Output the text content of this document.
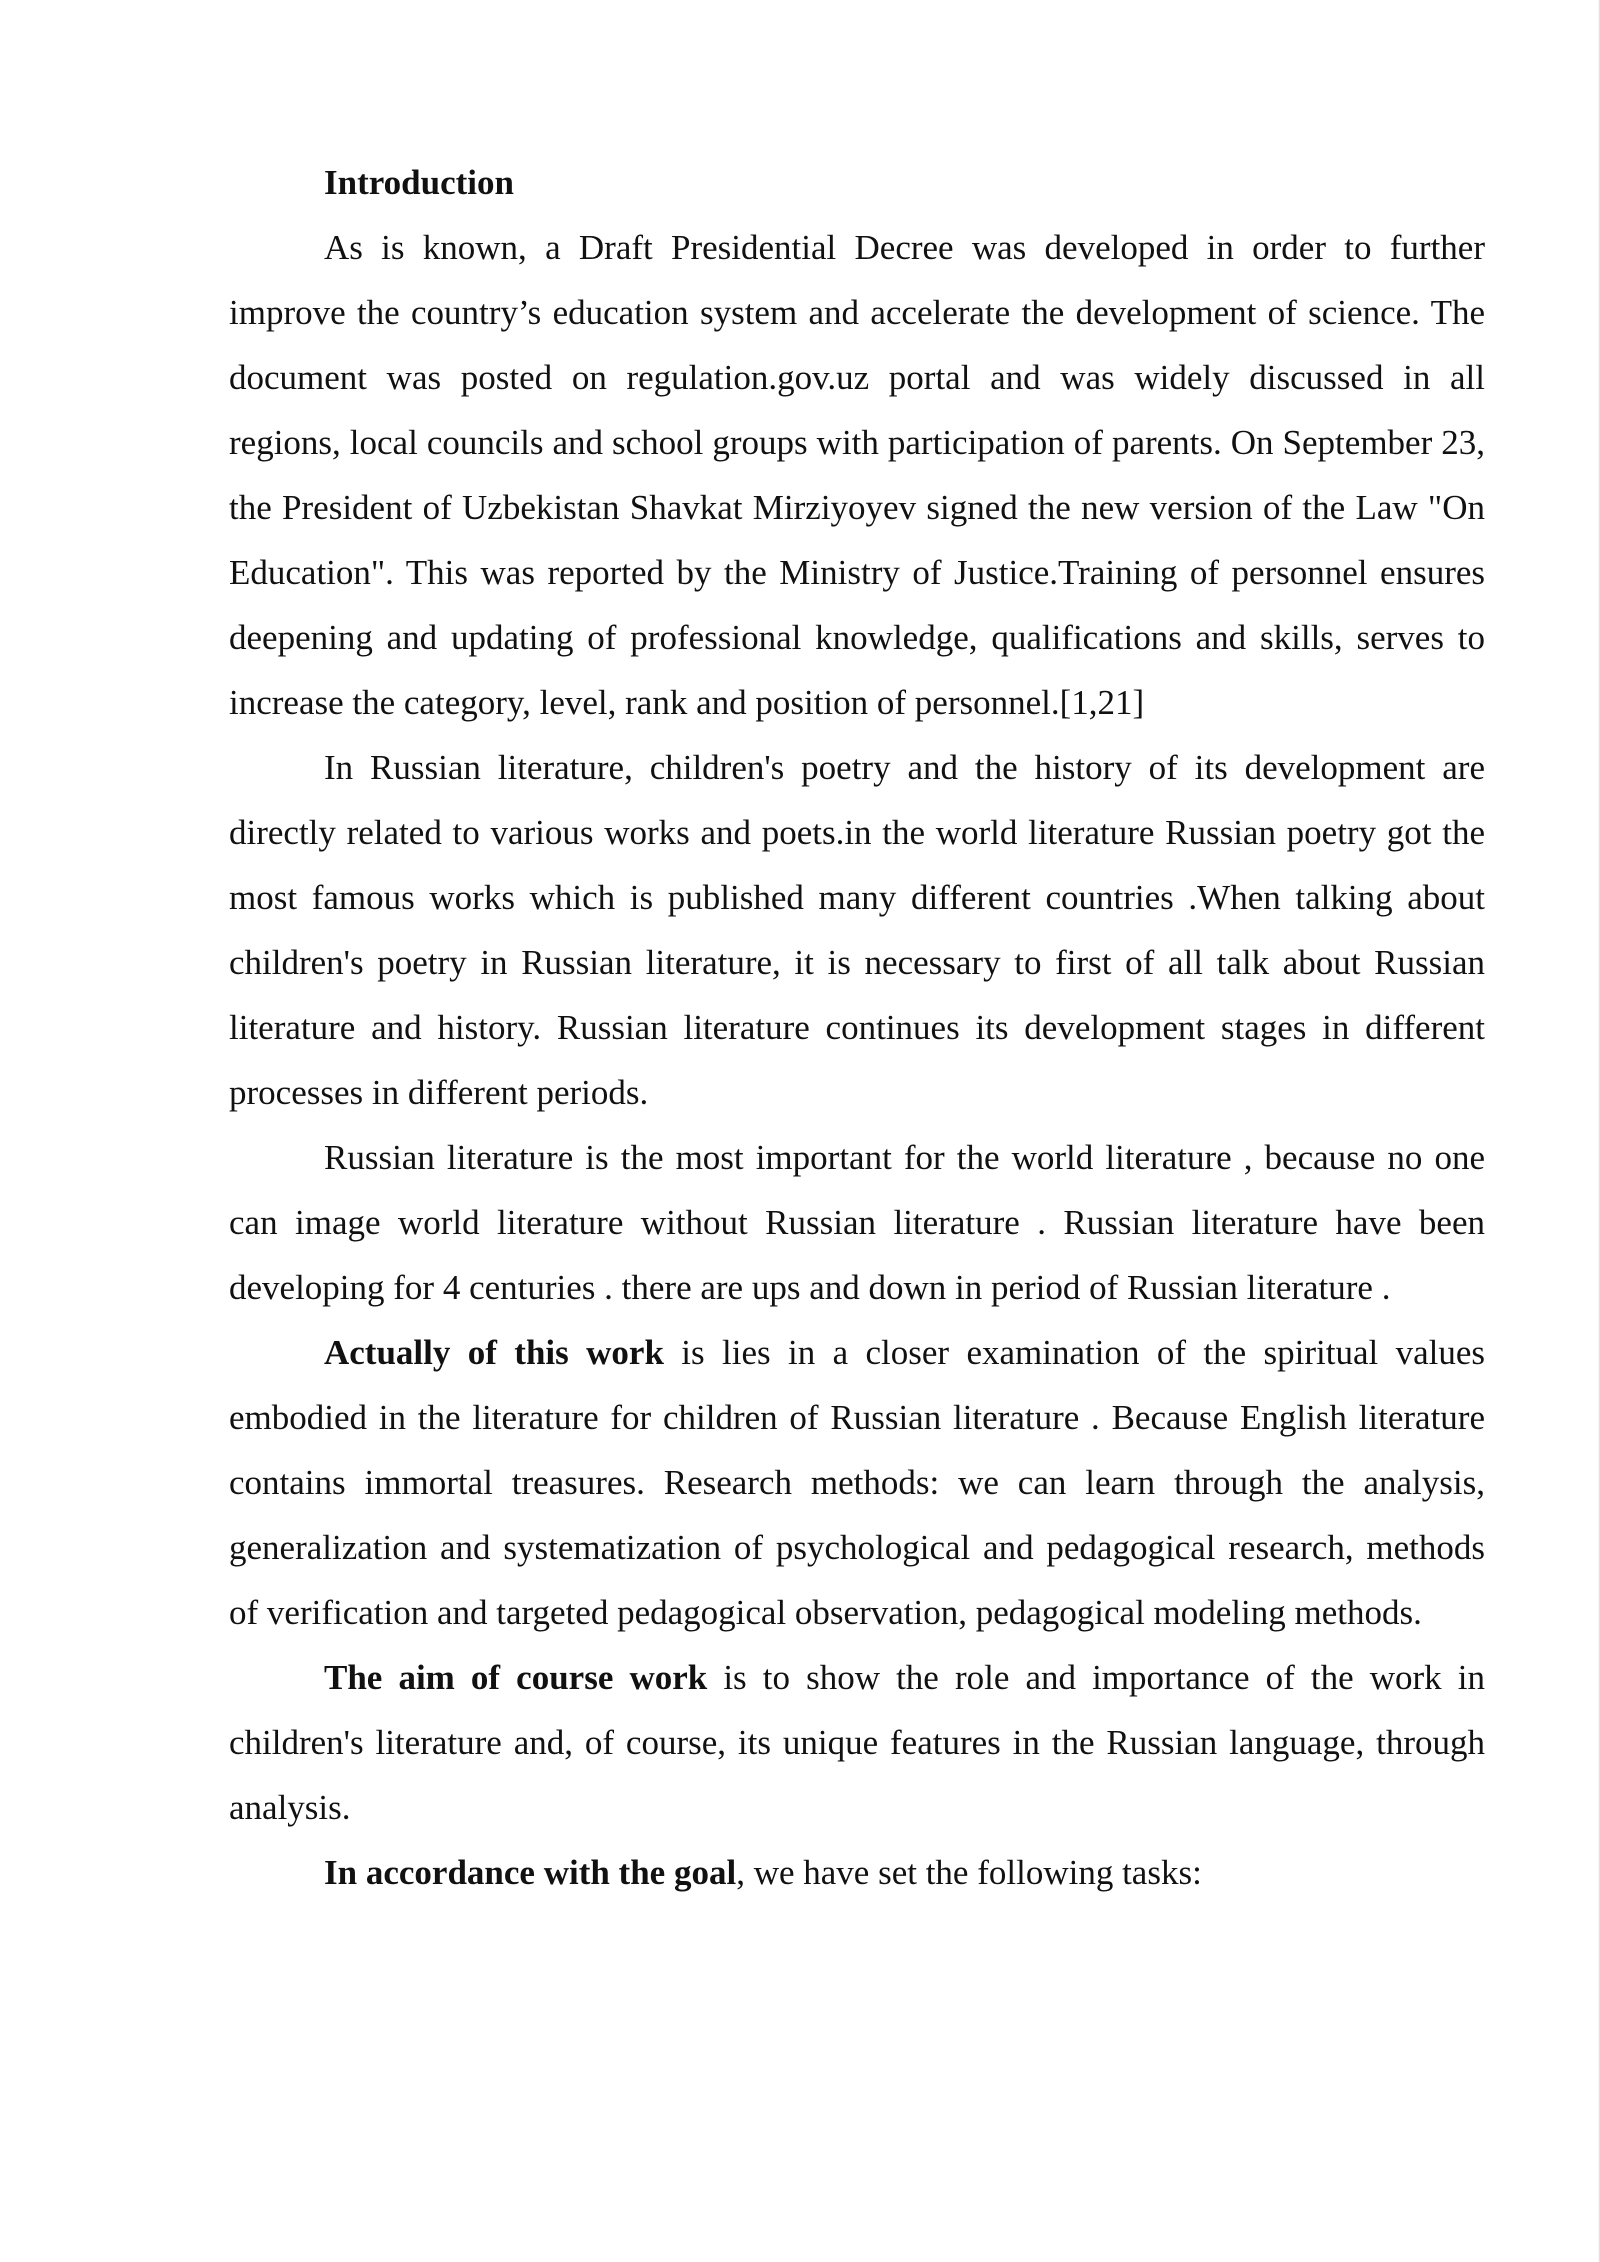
Introduction

As is known, a Draft Presidential Decree was developed in order to further improve the country’s education system and accelerate the development of science. The document was posted on regulation.gov.uz portal and was widely discussed in all regions, local councils and school groups with participation of parents. On September 23, the President of Uzbekistan Shavkat Mirziyoyev signed the new version of the Law "On Education". This was reported by the Ministry of Justice.Training of personnel ensures deepening and updating of professional knowledge, qualifications and skills, serves to increase the category, level, rank and position of personnel.[1,21]

In Russian literature, children's poetry and the history of its development are directly related to various works and poets.in the world literature Russian poetry got the most famous works which is published many different countries .When talking about children's poetry in Russian literature, it is necessary to first of all talk about Russian literature and history. Russian literature continues its development stages in different processes in different periods.

Russian literature is the most important for the world literature , because no one can image world literature without Russian literature . Russian literature have been developing for 4 centuries . there are ups and down in period of Russian literature .

Actually of this work is lies in a closer examination of the spiritual values embodied in the literature for children of Russian literature . Because English literature contains immortal treasures. Research methods: we can learn through the analysis, generalization and systematization of psychological and pedagogical research, methods of verification and targeted pedagogical observation, pedagogical modeling methods.

The aim of course work is to show the role and importance of the work in children's literature and, of course, its unique features in the Russian language, through analysis.

In accordance with the goal, we have set the following tasks:
